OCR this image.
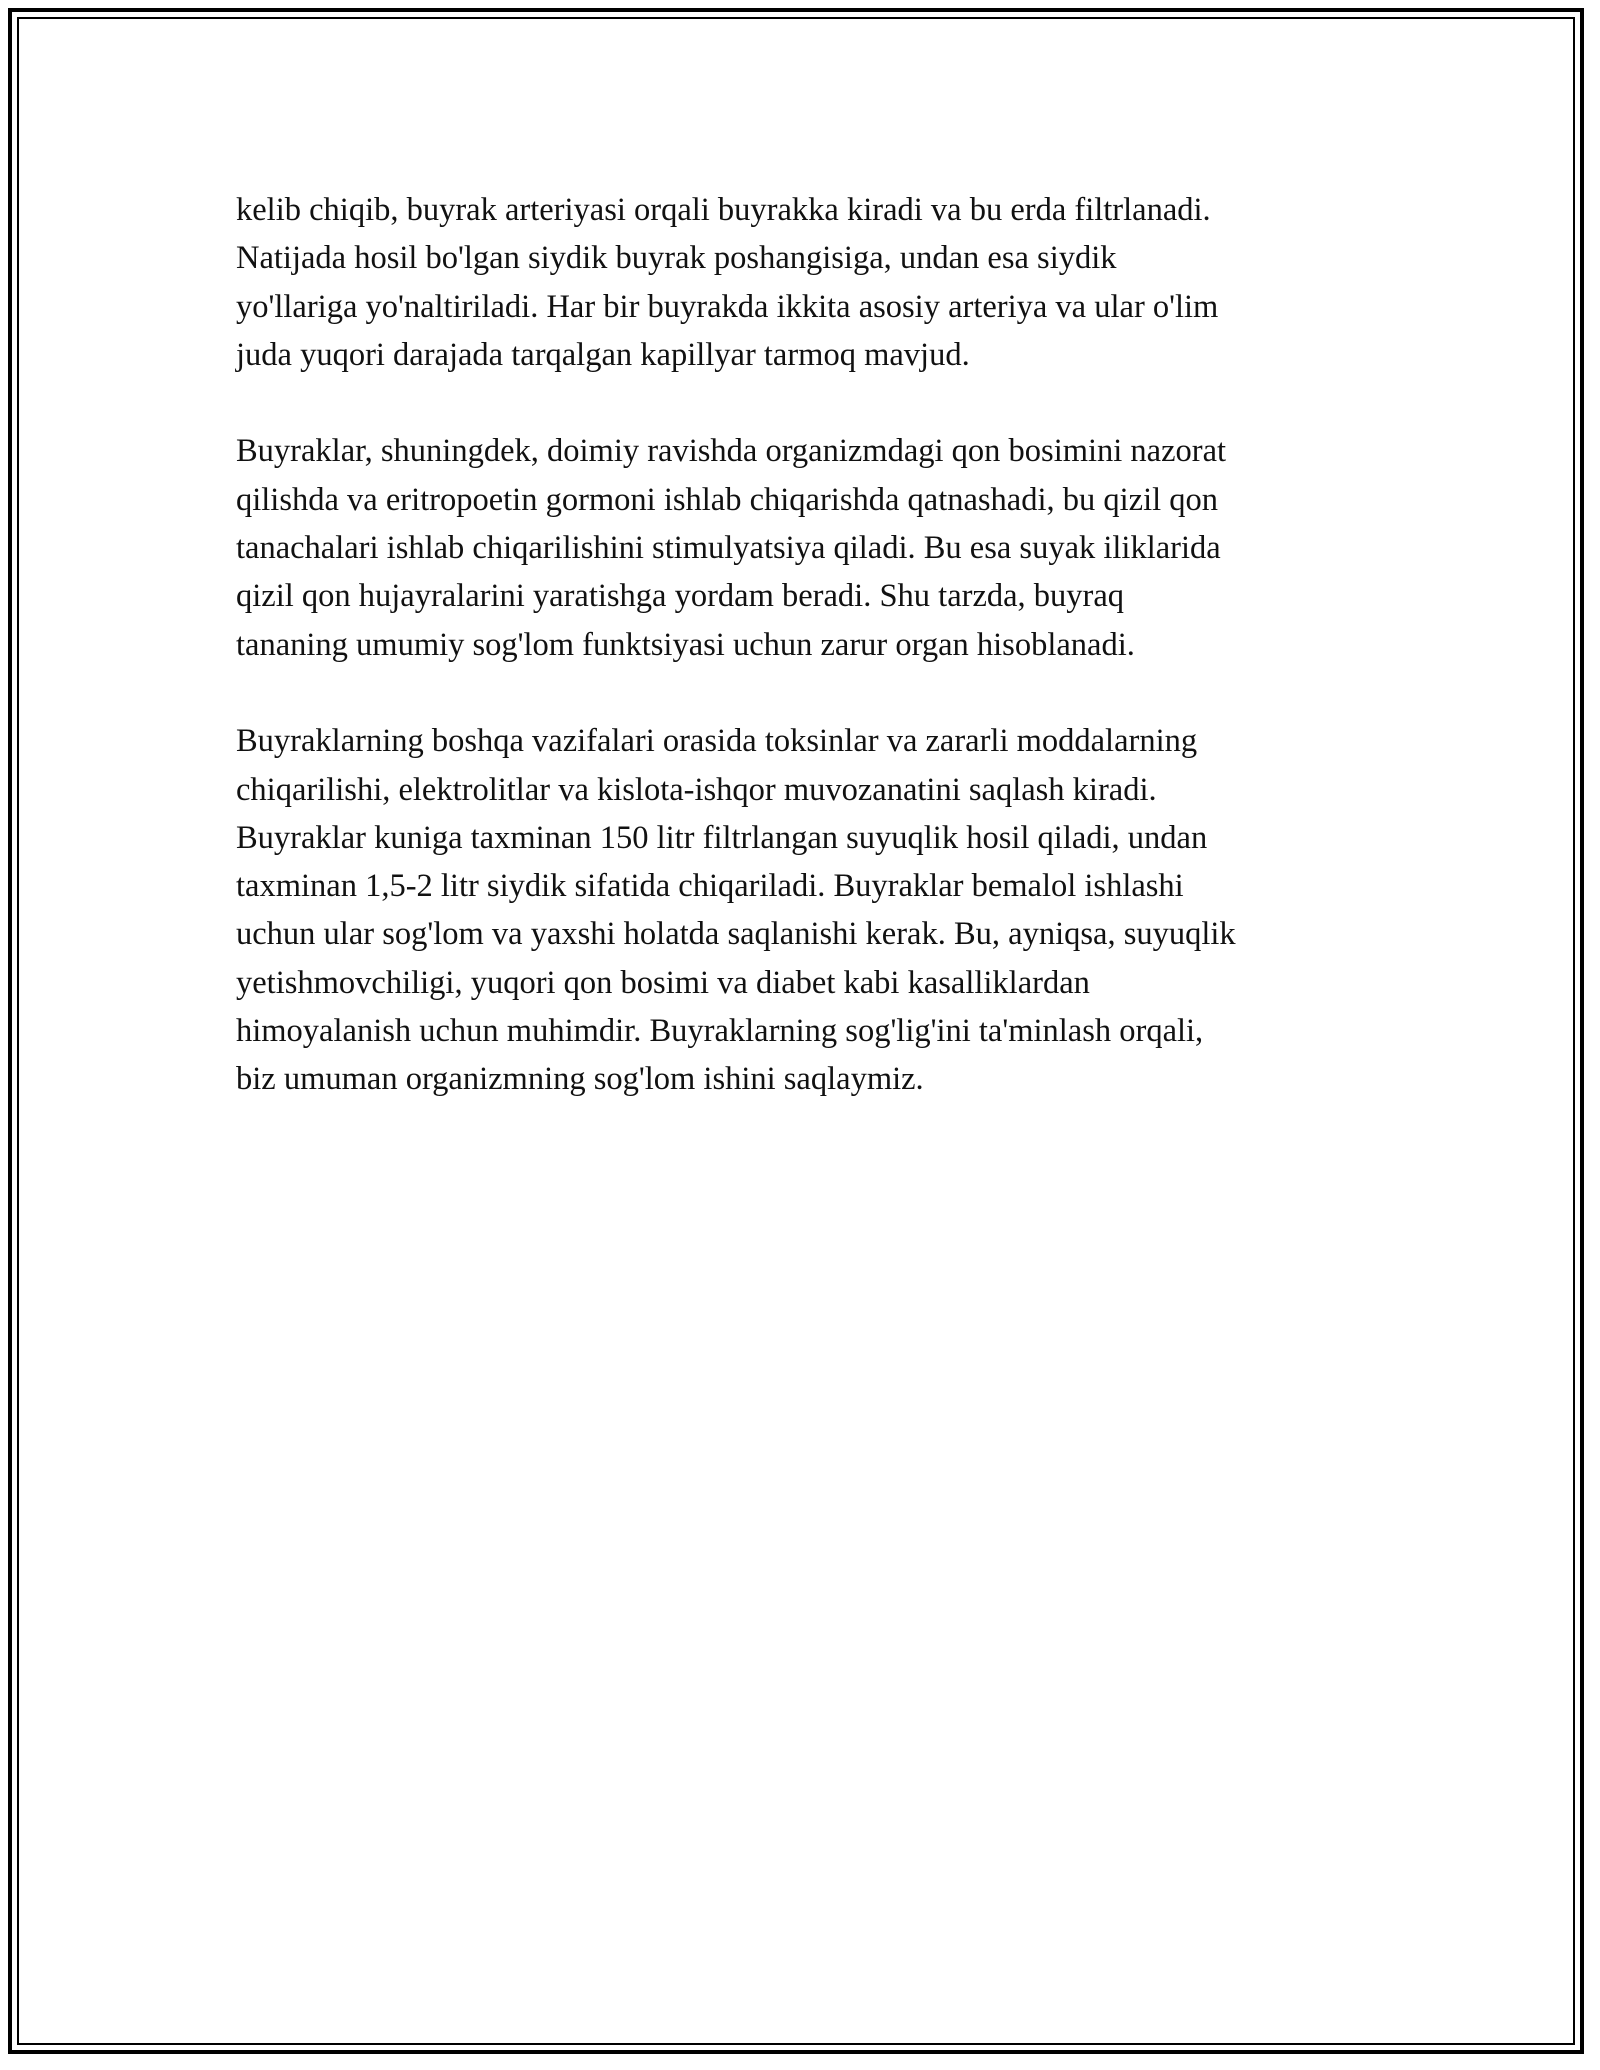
kelib chiqib, buyrak arteriyasi orqali buyrakka kiradi va bu erda filtrlanadi.
Natijada hosil bo'lgan siydik buyrak poshangisiga, undan esa siydik
yo'llariga yo'naltiriladi. Har bir buyrakda ikkita asosiy arteriya va ular o'lim
juda yuqori darajada tarqalgan kapillyar tarmoq mavjud.
Buyraklar, shuningdek, doimiy ravishda organizmdagi qon bosimini nazorat
qilishda va eritropoetin gormoni ishlab chiqarishda qatnashadi, bu qizil qon
tanachalari ishlab chiqarilishini stimulyatsiya qiladi. Bu esa suyak iliklarida
qizil qon hujayralarini yaratishga yordam beradi. Shu tarzda, buyraq
tananing umumiy sog'lom funktsiyasi uchun zarur organ hisoblanadi.
Buyraklarning boshqa vazifalari orasida toksinlar va zararli moddalarning
chiqarilishi, elektrolitlar va kislota-ishqor muvozanatini saqlash kiradi.
Buyraklar kuniga taxminan 150 litr filtrlangan suyuqlik hosil qiladi, undan
taxminan 1,5-2 litr siydik sifatida chiqariladi. Buyraklar bemalol ishlashi
uchun ular sog'lom va yaxshi holatda saqlanishi kerak. Bu, ayniqsa, suyuqlik
yetishmovchiligi, yuqori qon bosimi va diabet kabi kasalliklardan
himoyalanish uchun muhimdir. Buyraklarning sog'lig'ini ta'minlash orqali,
biz umuman organizmning sog'lom ishini saqlaymiz.
